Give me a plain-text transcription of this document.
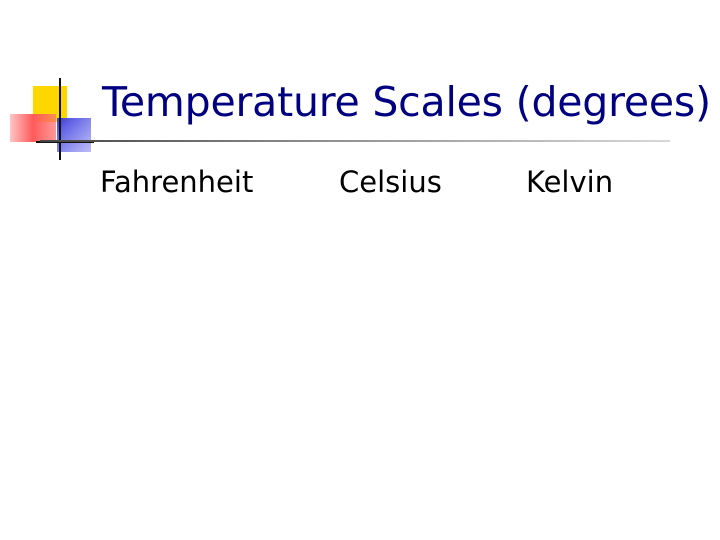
Temperature Scales (degrees)
Fahrenheit	Celsius	Kelvin
